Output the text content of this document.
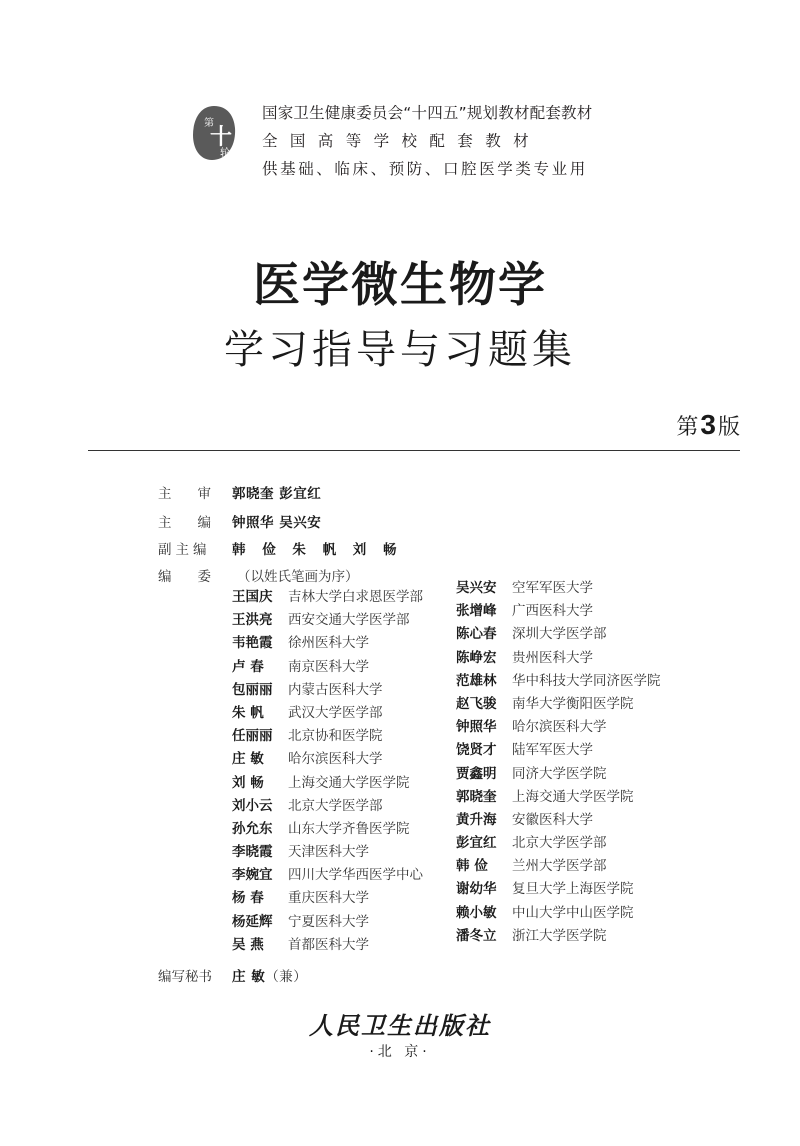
第
十
轮
国家卫生健康委员会“十四五”规划教材配套教材
全国高等学校配套教材
供基础、临床、预防、口腔医学类专业用
医学微生物学
学习指导与习题集
第3版
主审
郭晓奎 彭宜红
主编
钟照华 吴兴安
副主编 韩 俭 朱 帆 刘 畅
编委（以姓氏笔画为序）
王国庆 吉林大学白求恩医学部
王洪亮 西安交通大学医学部
韦艳霞 徐州医科大学
卢 春 南京医科大学
包丽丽 内蒙古医科大学
朱 帆 武汉大学医学部
任丽丽 北京协和医学院
庄 敏 哈尔滨医科大学
刘 畅 上海交通大学医学院
刘小云 北京大学医学部
孙允东 山东大学齐鲁医学院
李晓霞 天津医科大学
李婉宜 四川大学华西医学中心
杨 春 重庆医科大学
杨延辉 宁夏医科大学
吴 燕 首都医科大学
吴兴安 空军军医大学
张增峰 广西医科大学
陈心春 深圳大学医学部
陈峥宏 贵州医科大学
范雄林 华中科技大学同济医学院
赵飞骏 南华大学衡阳医学院
钟照华 哈尔滨医科大学
饶贤才 陆军军医大学
贾鑫明 同济大学医学院
郭晓奎 上海交通大学医学院
黄升海 安徽医科大学
彭宜红 北京大学医学部
韩 俭 兰州大学医学部
谢幼华 复旦大学上海医学院
赖小敏 中山大学中山医学院
潘冬立 浙江大学医学院
编写秘书 庄 敏（兼）
人民卫生出版社
·北 京·
